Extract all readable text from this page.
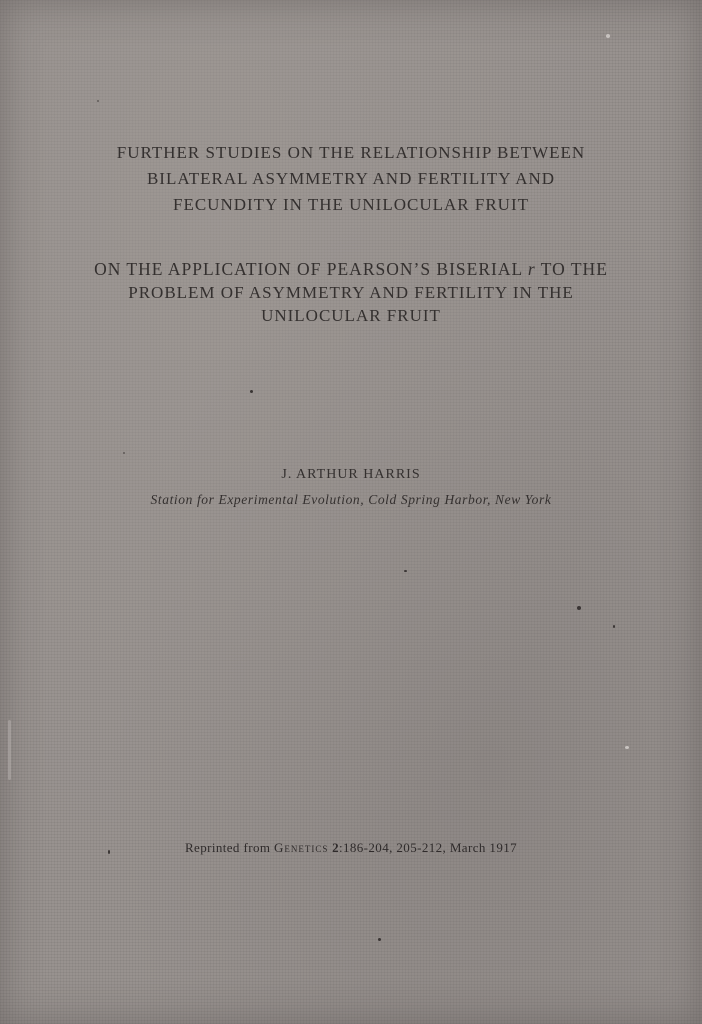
FURTHER STUDIES ON THE RELATIONSHIP BETWEEN
BILATERAL ASYMMETRY AND FERTILITY AND
FECUNDITY IN THE UNILOCULAR FRUIT
ON THE APPLICATION OF PEARSON’S BISERIAL r TO THE
PROBLEM OF ASYMMETRY AND FERTILITY IN THE
UNILOCULAR FRUIT
J. ARTHUR HARRIS
Station for Experimental Evolution, Cold Spring Harbor, New York
Reprinted from Genetics 2:186-204, 205-212, March 1917
